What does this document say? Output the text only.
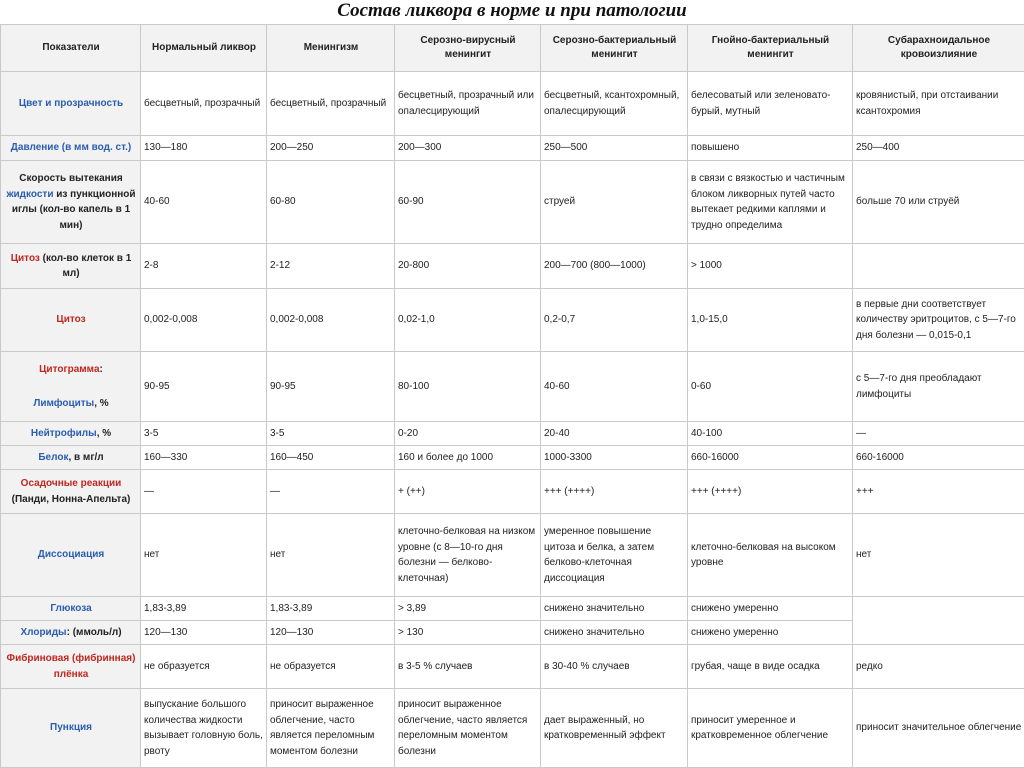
Состав ликвора в норме и при патологии
Показатели	Нормальный ликвор	Менингизм	Серозно-вирусный менингит	Серозно-бактериальный менингит	Гнойно-бактериальный менингит	Субарахноидальное кровоизлияние
Цвет и прозрачность	бесцветный, прозрачный	бесцветный, прозрачный	бесцветный, прозрачный или опалесцирующий	бесцветный, ксантохромный, опалесцирующий	белесоватый или зеленовато-бурый, мутный	кровянистый, при отстаивании ксантохромия
Давление (в мм вод. ст.)	130—180	200—250	200—300	250—500	повышено	250—400
Скорость вытекания жидкости из пункционной иглы (кол-во капель в 1 мин)	40-60	60-80	60-90	струей	в связи с вязкостью и частичным блоком ликворных путей часто вытекает редкими каплями и трудно определима	больше 70 или струёй
Цитоз (кол-во клеток в 1 мл)	2-8	2-12	20-800	200—700 (800—1000)	> 1000	
Цитоз	0,002-0,008	0,002-0,008	0,02-1,0	0,2-0,7	1,0-15,0	в первые дни соответствует количеству эритроцитов, с 5—7-го дня болезни — 0,015-0,1

Цитограмма:
Лимфоциты, %	90-95	90-95	80-100	40-60	0-60	с 5—7-го дня преобладают лимфоциты
Нейтрофилы, %	3-5	3-5	0-20	20-40	40-100	—
Белок, в мг/л	160—330	160—450	160 и более до 1000	1000-3300	660-16000	660-16000
Осадочные реакции (Панди, Нонна-Апельта)	—	—	+ (++)	+++ (++++)	+++ (++++)	+++
Диссоциация	нет	нет	клеточно-белковая на низком уровне (с 8—10-го дня болезни — белково-клеточная)	умеренное повышение цитоза и белка, а затем белково-клеточная диссоциация	клеточно-белковая на высоком уровне	нет
Глюкоза	1,83-3,89	1,83-3,89	> 3,89	снижено значительно	снижено умеренно	
Хлориды: (ммоль/л)	120—130	120—130	> 130	снижено значительно	снижено умеренно	
Фибриновая (фибринная) плёнка	не образуется	не образуется	в 3-5 % случаев	в 30-40 % случаев	грубая, чаще в виде осадка	редко
Пункция	выпускание большого количества жидкости вызывает головную боль, рвоту	приносит выраженное облегчение, часто является переломным моментом болезни	приносит выраженное облегчение, часто является переломным моментом болезни	дает выраженный, но кратковременный эффект	приносит умеренное и кратковременное облегчение	приносит значительное облегчение
